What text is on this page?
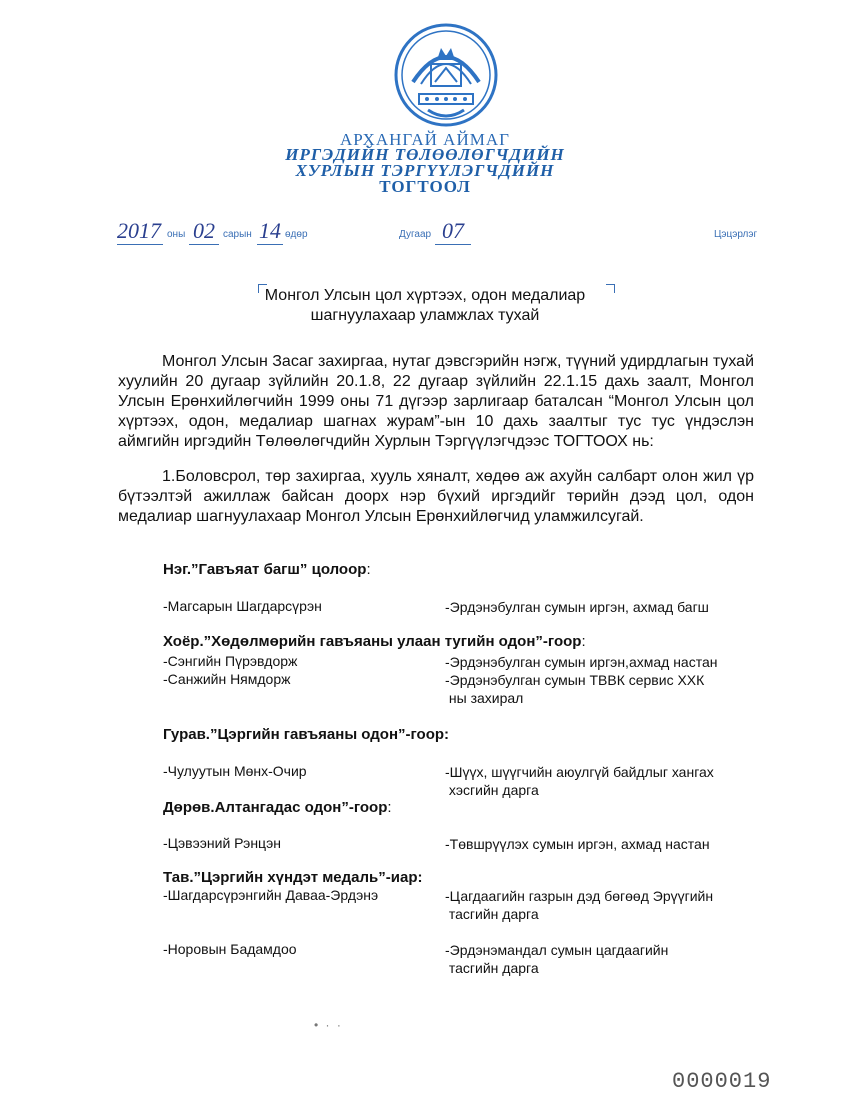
АРХАНГАЙ АЙМАГ
ИРГЭДИЙН ТӨЛӨӨЛӨГЧДИЙН
ХУРЛЫН ТЭРГҮҮЛЭГЧДИЙН
ТОГТООЛ
2017 оны 02 сарын 14 өдөр	Дугаар 07	Цэцэрлэг
Монгол Улсын цол хүртээх, одон медалиар
шагнуулахаар уламжлах тухай
Монгол Улсын Засаг захиргаа, нутаг дэвсгэрийн нэгж, түүний удирдлагын тухай хуулийн 20 дугаар зүйлийн 20.1.8, 22 дугаар зүйлийн 22.1.15 дахь заалт, Монгол Улсын Ерөнхийлөгчийн 1999 оны 71 дүгээр зарлигаар баталсан “Монгол Улсын цол хүртээх, одон, медалиар шагнах журам”-ын 10 дахь заалтыг тус тус үндэслэн аймгийн иргэдийн Төлөөлөгчдийн Хурлын Тэргүүлэгчдээс ТОГТООХ нь:
1.Боловсрол, төр захиргаа, хууль хяналт, хөдөө аж ахуйн салбарт олон жил үр бүтээлтэй ажиллаж байсан доорх нэр бүхий иргэдийг төрийн дээд цол, одон медалиар шагнуулахаар Монгол Улсын Ерөнхийлөгчид уламжилсугай.
Нэг.”Гавъяат багш” цолоор:
-Магсарын Шагдарсүрэн	-Эрдэнэбулган сумын иргэн, ахмад багш
Хоёр.”Хөдөлмөрийн гавъяаны улаан тугийн одон”-гоор:
-Сэнгийн Пүрэвдорж	-Эрдэнэбулган сумын иргэн,ахмад настан
-Санжийн Нямдорж	-Эрдэнэбулган сумын ТВВК сервис ХХК
ны захирал
Гурав.”Цэргийн гавъяаны одон”-гоор:
-Чулуутын Мөнх-Очир	-Шүүх, шүүгчийн аюулгүй байдлыг хангах
хэсгийн дарга
Дөрөв.Алтангадас одон”-гоор:
-Цэвээний Рэнцэн	-Төвшрүүлэх сумын иргэн, ахмад настан
Тав.”Цэргийн хүндэт медаль”-иар:
-Шагдарсүрэнгийн Даваа-Эрдэнэ	-Цагдаагийн газрын дэд бөгөөд Эрүүгийн
тасгийн дарга
-Норовын Бадамдоо	-Эрдэнэмандал сумын цагдаагийн
тасгийн дарга
• · ·
0000019
